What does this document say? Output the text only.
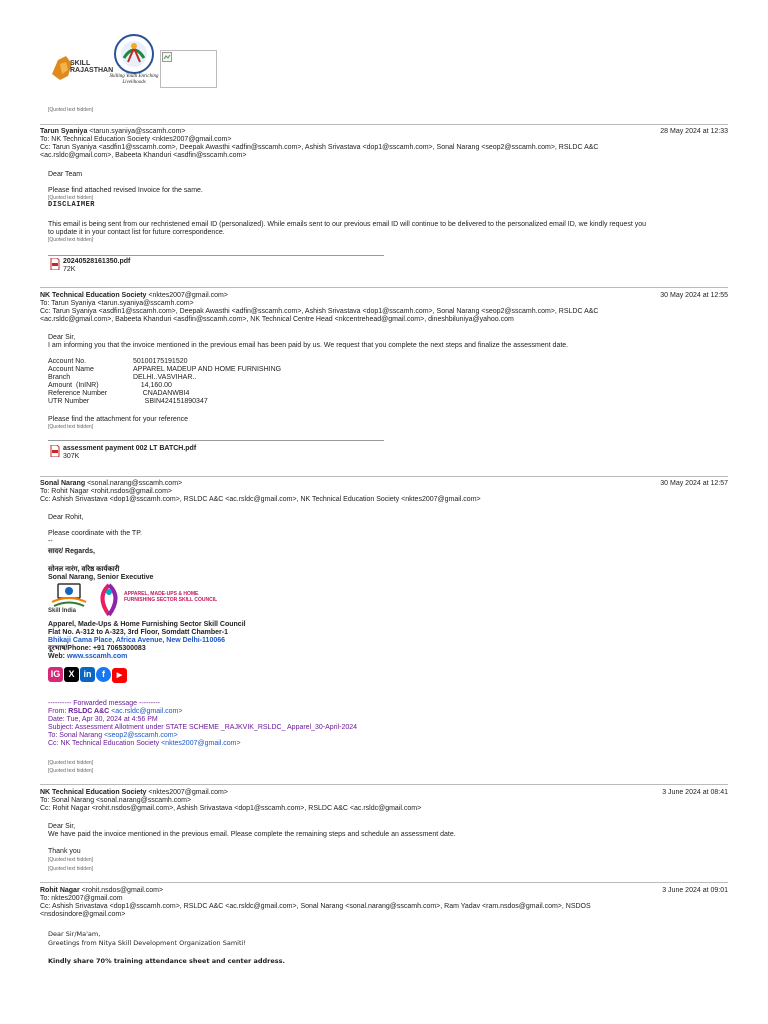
SKILL RAJASTHAN
Skilling Youth Enriching Livelihoods
[Quoted text hidden]
Tarun Syaniya <tarun.syaniya@sscamh.com>	28 May 2024 at 12:33
To: NK Technical Education Society <nktes2007@gmail.com>
Cc: Tarun Syaniya <asdfin1@sscamh.com>, Deepak Awasthi <adfin@sscamh.com>, Ashish Srivastava <dop1@sscamh.com>, Sonal Narang <seop2@sscamh.com>, RSLDC A&C
<ac.rsldc@gmail.com>, Babeeta Khanduri <asdfin@sscamh.com>

Dear Team

Please find attached revised Invoice for the same.

[Quoted text hidden]

DISCLAIMER

This email is being sent from our rechristened email ID (personalized). While emails sent to our previous email ID will continue to be delivered to the personalized email ID, we kindly request you

to update it in your contact list for future correspondence.

[Quoted text hidden]

20240528161350.pdf
72K
NK Technical Education Society <nktes2007@gmail.com>	30 May 2024 at 12:55
To: Tarun Syaniya <tarun.syaniya@sscamh.com>
Cc: Tarun Syaniya <asdfin1@sscamh.com>, Deepak Awasthi <adfin@sscamh.com>, Ashish Srivastava <dop1@sscamh.com>, Sonal Narang <seop2@sscamh.com>, RSLDC A&C
<ac.rsldc@gmail.com>, Babeeta Khanduri <asdfin@sscamh.com>, NK Technical Centre Head <nkcentrehead@gmail.com>, dineshbiluniya@yahoo.com

Dear Sir,

I am informing you that the invoice mentioned in the previous email has been paid by us. We request that you complete the next steps and finalize the assessment date.

Account No.	50100175191520
Account Name	APPAREL MADEUP AND HOME FURNISHING
Branch	DELHI..VASVIHAR..
Amount  (InINR)	14,160.00
Reference Number	CNADANWBI4
UTR Number	SBIN424151890347

Please find the attachment for your reference

[Quoted text hidden]

assessment payment 002 LT BATCH.pdf
307K
Sonal Narang <sonal.narang@sscamh.com>	30 May 2024 at 12:57
To: Rohit Nagar <rohit.nsdos@gmail.com>
Cc: Ashish Srivastava <dop1@sscamh.com>, RSLDC A&C <ac.rsldc@gmail.com>, NK Technical Education Society <nktes2007@gmail.com>

Dear Rohit,

Please coordinate with the TP.

--

सादर/ Regards,

सोनल नारंग, वरिष्ठ कार्यकारी

Sonal Narang, Senior Executive

Skill India
APPAREL, MADE-UPS & HOME FURNISHING SECTOR SKILL COUNCIL

Apparel, Made-Ups & Home Furnishing Sector Skill Council

Flat No. A-312 to A-323, 3rd Floor, Somdatt Chamber-1

Bhikaji Cama Place, Africa Avenue, New Delhi-110066

दूरभाष/Phone: +91 7065300083

Web: www.sscamh.com

IG X in f ▶

---------- Forwarded message ---------

From: RSLDC A&C <ac.rsldc@gmail.com>

Date: Tue, Apr 30, 2024 at 4:56 PM

Subject: Assessment Allotment under STATE SCHEME _RAJKVIK_RSLDC_ Apparel_30-April-2024

To: Sonal Narang <seop2@sscamh.com>

Cc: NK Technical Education Society <nktes2007@gmail.com>

[Quoted text hidden]

[Quoted text hidden]

NK Technical Education Society <nktes2007@gmail.com>	3 June 2024 at 08:41
To: Sonal Narang <sonal.narang@sscamh.com>
Cc: Rohit Nagar <rohit.nsdos@gmail.com>, Ashish Srivastava <dop1@sscamh.com>, RSLDC A&C <ac.rsldc@gmail.com>

Dear Sir,

We have paid the invoice mentioned in the previous email. Please complete the remaining steps and schedule an assessment date.

Thank you

[Quoted text hidden]

[Quoted text hidden]

Rohit Nagar <rohit.nsdos@gmail.com>	3 June 2024 at 09:01
To: nktes2007@gmail.com
Cc: Ashish Srivastava <dop1@sscamh.com>, RSLDC A&C <ac.rsldc@gmail.com>, Sonal Narang <sonal.narang@sscamh.com>, Ram Yadav <ram.nsdos@gmail.com>, NSDOS
<nsdosindore@gmail.com>

Dear Sir/Ma'am,

Greetings from Nitya Skill Development Organization Samiti!

Kindly share 70% training attendance sheet and center address.
